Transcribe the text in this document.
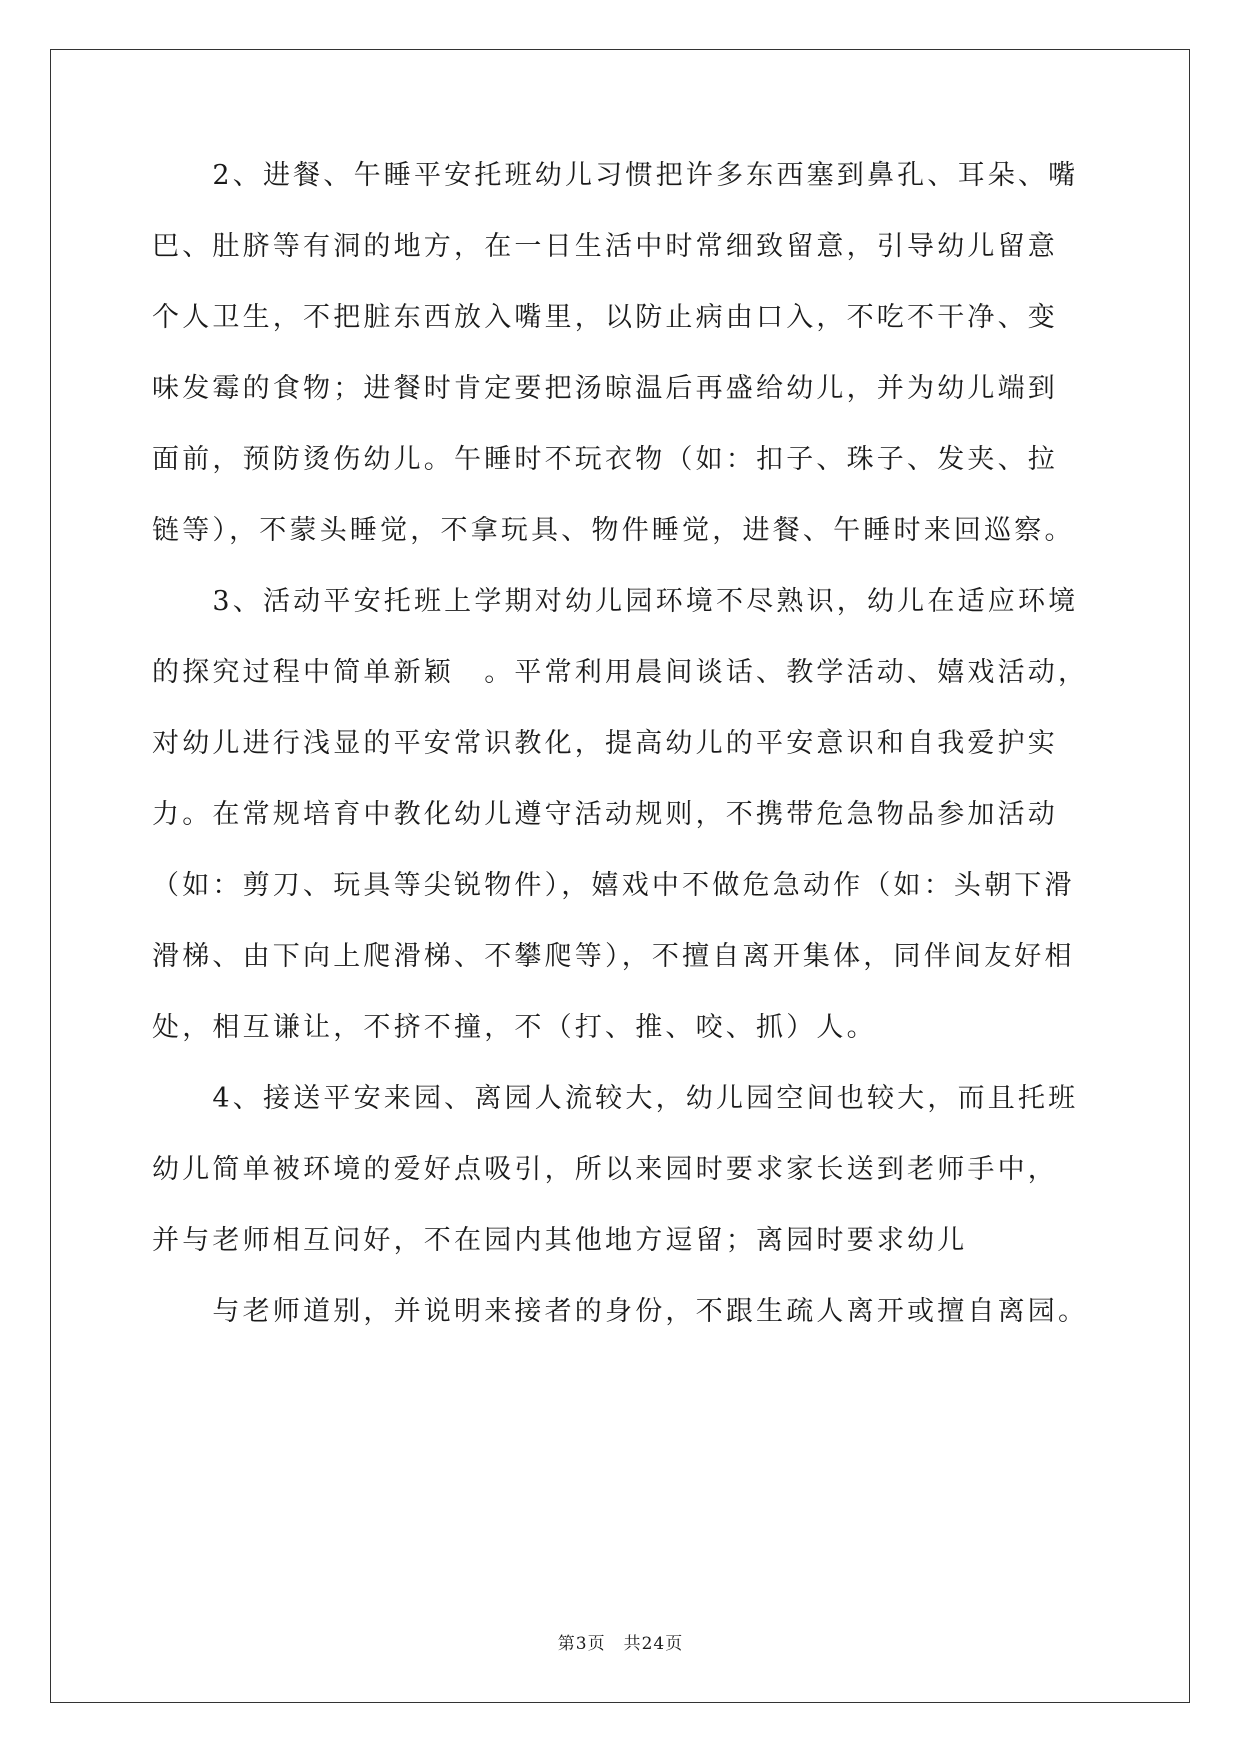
　　2、进餐、午睡平安托班幼儿习惯把许多东西塞到鼻孔、耳朵、嘴
巴、肚脐等有洞的地方，在一日生活中时常细致留意，引导幼儿留意
个人卫生，不把脏东西放入嘴里，以防止病由口入，不吃不干净、变
味发霉的食物；进餐时肯定要把汤晾温后再盛给幼儿，并为幼儿端到
面前，预防烫伤幼儿。午睡时不玩衣物（如：扣子、珠子、发夹、拉
链等），不蒙头睡觉，不拿玩具、物件睡觉，进餐、午睡时来回巡察。
　　3、活动平安托班上学期对幼儿园环境不尽熟识，幼儿在适应环境
的探究过程中简单新颖　。平常利用晨间谈话、教学活动、嬉戏活动，
对幼儿进行浅显的平安常识教化，提高幼儿的平安意识和自我爱护实
力。在常规培育中教化幼儿遵守活动规则，不携带危急物品参加活动
（如：剪刀、玩具等尖锐物件），嬉戏中不做危急动作（如：头朝下滑
滑梯、由下向上爬滑梯、不攀爬等），不擅自离开集体，同伴间友好相
处，相互谦让，不挤不撞，不（打、推、咬、抓）人。
　　4、接送平安来园、离园人流较大，幼儿园空间也较大，而且托班
幼儿简单被环境的爱好点吸引，所以来园时要求家长送到老师手中，
并与老师相互问好，不在园内其他地方逗留；离园时要求幼儿
　　与老师道别，并说明来接者的身份，不跟生疏人离开或擅自离园。
第3页　共24页
